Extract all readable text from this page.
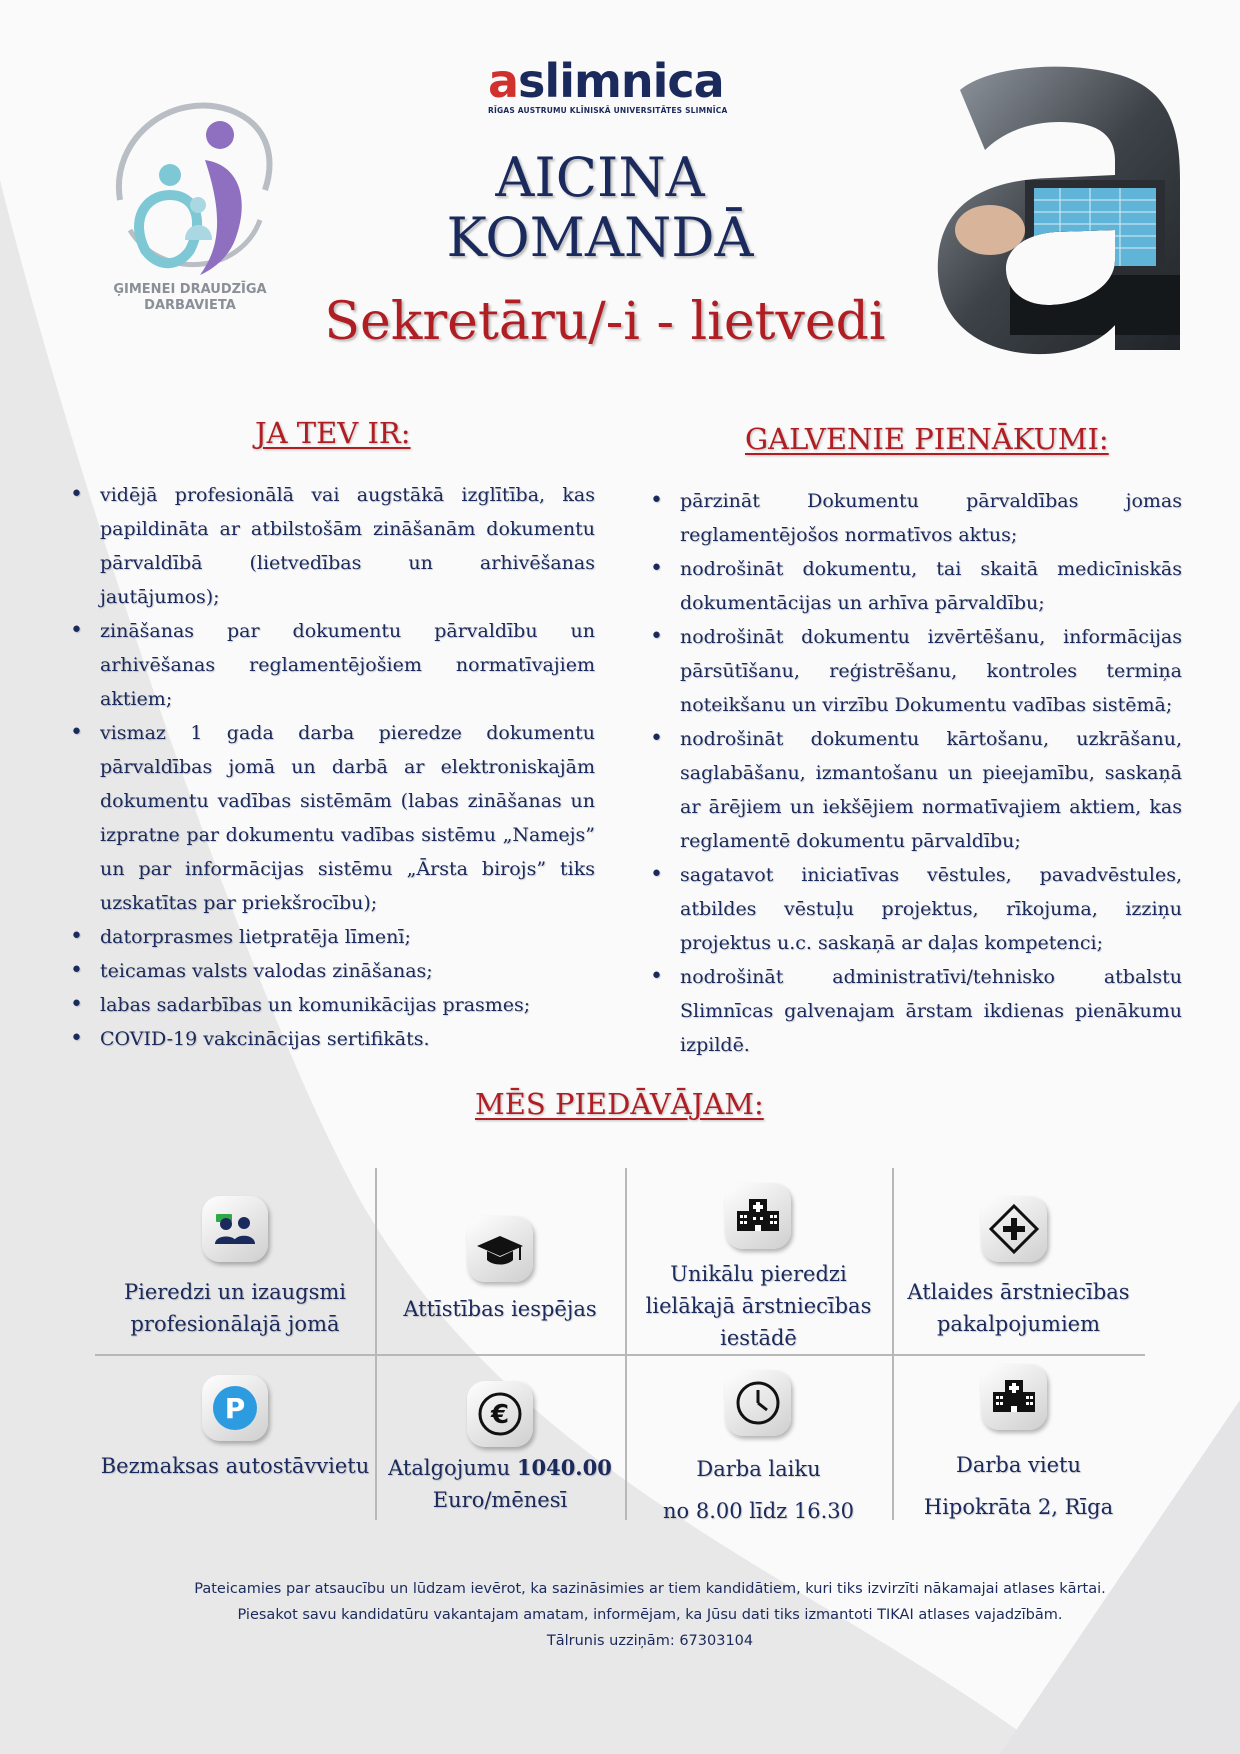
aslimnica
RĪGAS AUSTRUMU KLĪNISKĀ UNIVERSITĀTES SLIMNĪCA
ĢIMENEI DRAUDZĪGA
DARBAVIETA
AICINA
KOMANDĀ
Sekretāru/-i - lietvedi
JA TEV IR:
• vidējā profesionālā vai augstākā izglītība, kas papildināta ar atbilstošām zināšanām dokumentu pārvaldībā (lietvedības un arhivēšanas jautājumos);
• zināšanas par dokumentu pārvaldību un arhivēšanas reglamentējošiem normatīvajiem aktiem;
• vismaz 1 gada darba pieredze dokumentu pārvaldības jomā un darbā ar elektroniskajām dokumentu vadības sistēmām (labas zināšanas un izpratne par dokumentu vadības sistēmu „Namejs” un par informācijas sistēmu „Ārsta birojs” tiks uzskatītas par priekšrocību);
• datorprasmes lietpratēja līmenī;
• teicamas valsts valodas zināšanas;
• labas sadarbības un komunikācijas prasmes;
• COVID-19 vakcinācijas sertifikāts.
GALVENIE PIENĀKUMI:
• pārzināt Dokumentu pārvaldības jomas reglamentējošos normatīvos aktus;
• nodrošināt dokumentu, tai skaitā medicīniskās dokumentācijas un arhīva pārvaldību;
• nodrošināt dokumentu izvērtēšanu, informācijas pārsūtīšanu, reģistrēšanu, kontroles termiņa noteikšanu un virzību Dokumentu vadības sistēmā;
• nodrošināt dokumentu kārtošanu, uzkrāšanu, saglabāšanu, izmantošanu un pieejamību, saskaņā ar ārējiem un iekšējiem normatīvajiem aktiem, kas reglamentē dokumentu pārvaldību;
• sagatavot iniciatīvas vēstules, pavadvēstules, atbildes vēstuļu projektus, rīkojuma, izziņu projektus u.c. saskaņā ar daļas kompetenci;
• nodrošināt administratīvi/tehnisko atbalstu Slimnīcas galvenajam ārstam ikdienas pienākumu izpildē.
MĒS PIEDĀVĀJAM:
Pieredzi un izaugsmi
profesionālajā jomā
Attīstības iespējas
Unikālu pieredzi
lielākajā ārstniecības
iestādē
Atlaides ārstniecības
pakalpojumiem
P
Bezmaksas autostāvvietu
€
Atalgojumu 1040.00
Euro/mēnesī
Darba laiku
no 8.00 līdz 16.30
Darba vietu
Hipokrāta 2, Rīga
Pateicamies par atsaucību un lūdzam ievērot, ka sazināsimies ar tiem kandidātiem, kuri tiks izvirzīti nākamajai atlases kārtai.
Piesakot savu kandidatūru vakantajam amatam, informējam, ka Jūsu dati tiks izmantoti TIKAI atlases vajadzībām.
Tālrunis uzziņām: 67303104
